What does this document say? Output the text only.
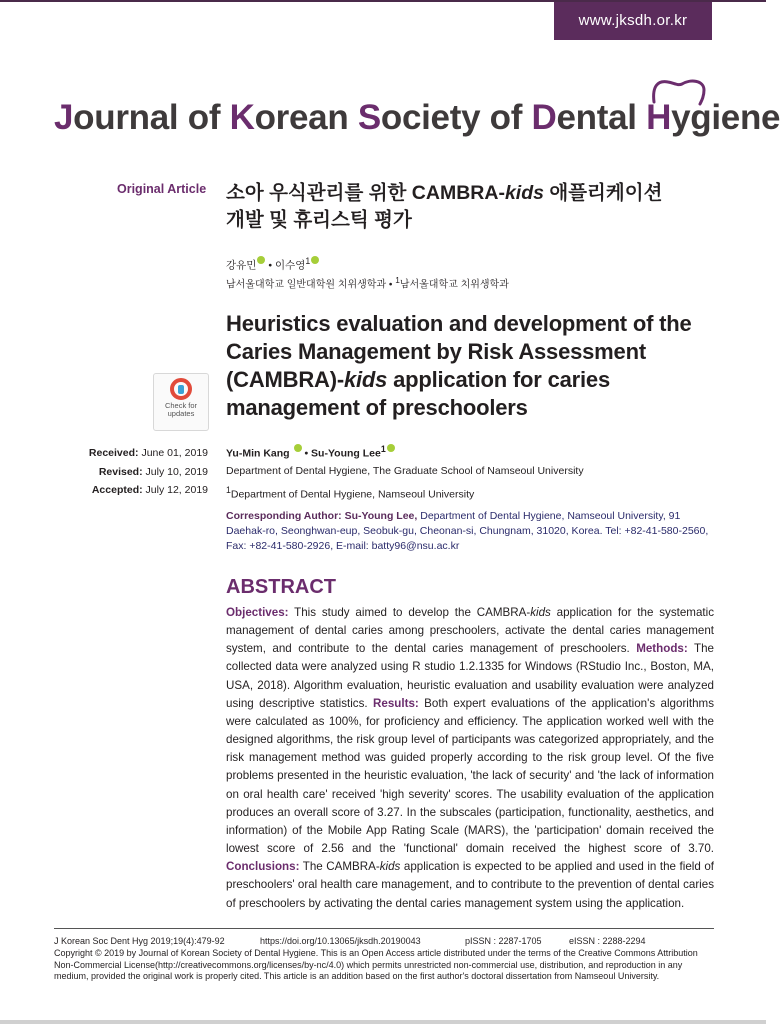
www.jksdh.or.kr
Journal of Korean Society of Dental Hygiene
Original Article 소아 우식관리를 위한 CAMBRA-kids 애플리케이션
개발 및 휴리스틱 평가
강유민 • 이수영$^1$
남서울대학교 일반대학원 치위생학과 • $^1$남서울대학교 치위생학과
Heuristics evaluation and development of the Caries Management by Risk Assessment (CAMBRA)-kids application for caries management of preschoolers
Check for
updates
Received: June 01, 2019
Revised: July 10, 2019
Accepted: July 12, 2019
Yu-Min Kang • Su-Young Lee$^1$
Department of Dental Hygiene, The Graduate School of Namseoul University
$^1$Department of Dental Hygiene, Namseoul University
Corresponding Author: Su-Young Lee, Department of Dental Hygiene, Namseoul University, 91 Daehak-ro, Seonghwan-eup, Seobuk-gu, Cheonan-si, Chungnam, 31020, Korea. Tel: +82-41-580-2560, Fax: +82-41-580-2926, E-mail: batty96@nsu.ac.kr
ABSTRACT
Objectives: This study aimed to develop the CAMBRA-kids application for the systematic management of dental caries among preschoolers, activate the dental caries management system, and contribute to the dental caries management of preschoolers. Methods: The collected data were analyzed using R studio 1.2.1335 for Windows (RStudio Inc., Boston, MA, USA, 2018). Algorithm evaluation, heuristic evaluation and usability evaluation were analyzed using descriptive statistics. Results: Both expert evaluations of the application's algorithms were calculated as 100%, for proficiency and efficiency. The application worked well with the designed algorithms, the risk group level of participants was categorized appropriately, and the risk management method was guided properly according to the risk group level. Of the five problems presented in the heuristic evaluation, 'the lack of security' and 'the lack of information on oral health care' received 'high severity' scores. The usability evaluation of the application produces an overall score of 3.27. In the subscales (participation, functionality, aesthetics, and information) of the Mobile App Rating Scale (MARS), the 'participation' domain received the lowest score of 2.56 and the 'functional' domain received the highest score of 3.70. Conclusions: The CAMBRA-kids application is expected to be applied and used in the field of preschoolers' oral health care management, and to contribute to the prevention of dental caries of preschoolers by activating the dental caries management system using the application.
J Korean Soc Dent Hyg 2019;19(4):479-92	https://doi.org/10.13065/jksdh.20190043	pISSN : 2287-1705	eISSN : 2288-2294
Copyright © 2019 by Journal of Korean Society of Dental Hygiene. This is an Open Access article distributed under the terms of the Creative Commons Attribution Non-Commercial License(http://creativecommons.org/licenses/by-nc/4.0) which permits unrestricted non-commercial use, distribution, and reproduction in any medium, provided the original work is properly cited. This article is an addition based on the first author's doctoral dissertation from Namseoul University.
